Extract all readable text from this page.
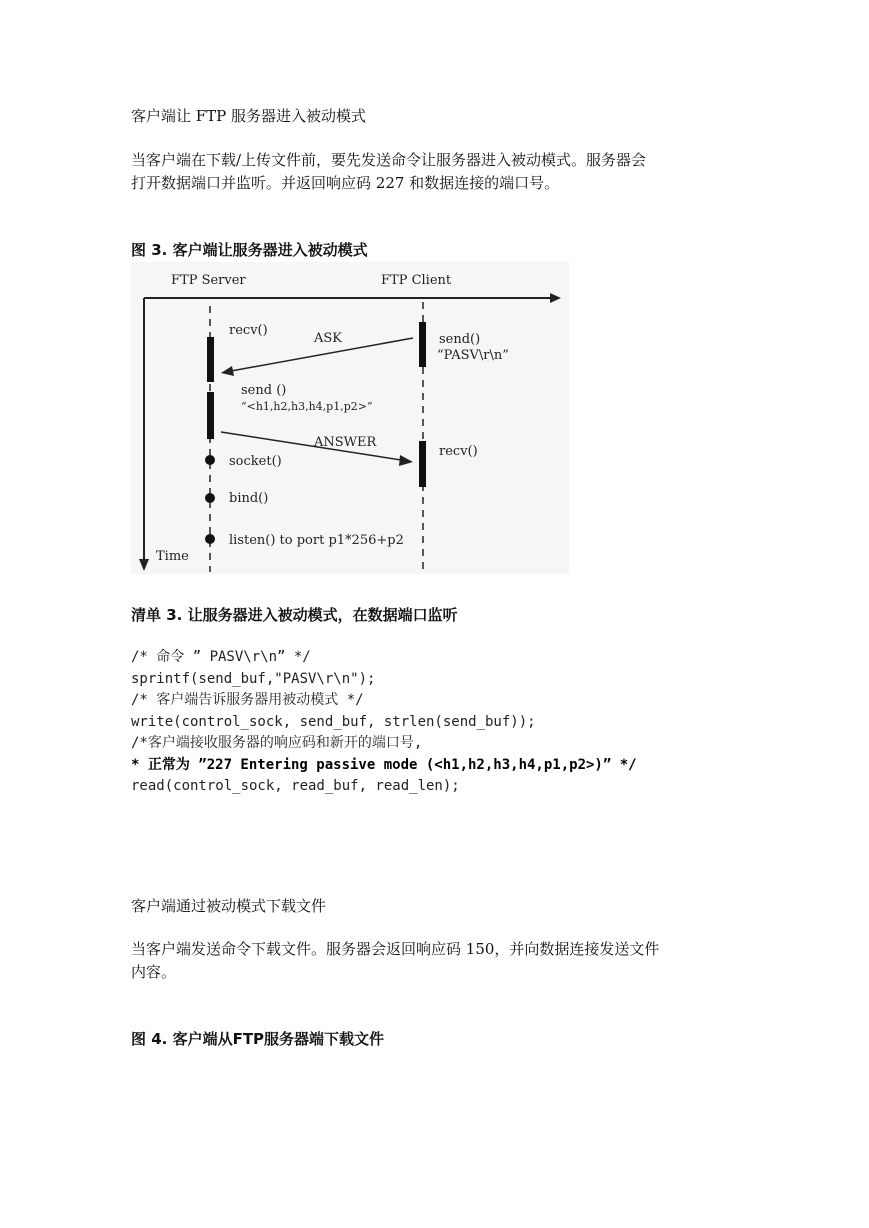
客户端让 FTP 服务器进入被动模式
当客户端在下载/上传文件前，要先发送命令让服务器进入被动模式。服务器会
打开数据端口并监听。并返回响应码 227 和数据连接的端口号。
图 3. 客户端让服务器进入被动模式
FTP Server	FTP Client
Time
recv()
ASK	send()
“PASV\r\n”
send ()
“<h1,h2,h3,h4,p1,p2>”
ANSWER
recv()
socket()
bind()
listen() to port p1*256+p2
清单 3. 让服务器进入被动模式，在数据端口监听
/* 命令 ” PASV\r\n” */
sprintf(send_buf,"PASV\r\n");
/* 客户端告诉服务器用被动模式 */
write(control_sock, send_buf, strlen(send_buf));
/*客户端接收服务器的响应码和新开的端口号,
* 正常为 ”227 Entering passive mode (<h1,h2,h3,h4,p1,p2>)” */
read(control_sock, read_buf, read_len);
客户端通过被动模式下载文件
当客户端发送命令下载文件。服务器会返回响应码 150，并向数据连接发送文件
内容。
图 4. 客户端从FTP服务器端下载文件
